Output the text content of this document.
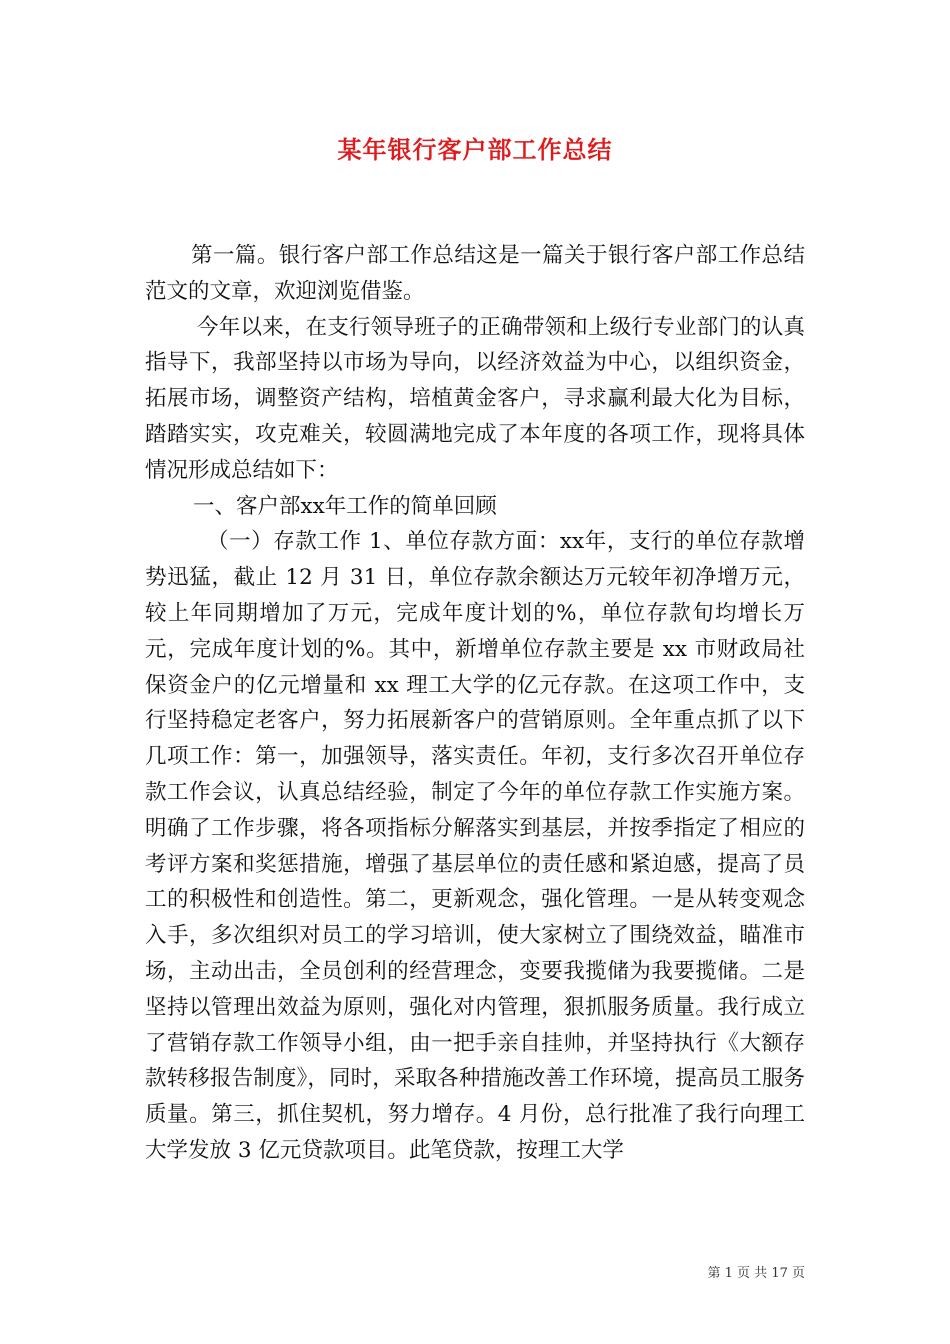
某年银行客户部工作总结

第一篇。银行客户部工作总结这是一篇关于银行客户部工作总结范文的文章，欢迎浏览借鉴。

今年以来，在支行领导班子的正确带领和上级行专业部门的认真指导下，我部坚持以市场为导向，以经济效益为中心，以组织资金，拓展市场，调整资产结构，培植黄金客户，寻求赢利最大化为目标，踏踏实实，攻克难关，较圆满地完成了本年度的各项工作，现将具体情况形成总结如下：

一、客户部xx年工作的简单回顾

（一）存款工作 1、单位存款方面：xx年，支行的单位存款增势迅猛，截止 12 月 31 日，单位存款余额达万元较年初净增万元，较上年同期增加了万元，完成年度计划的%，单位存款旬均增长万元，完成年度计划的%。其中，新增单位存款主要是 xx 市财政局社保资金户的亿元增量和 xx 理工大学的亿元存款。在这项工作中，支行坚持稳定老客户，努力拓展新客户的营销原则。全年重点抓了以下几项工作：第一，加强领导，落实责任。年初，支行多次召开单位存款工作会议，认真总结经验，制定了今年的单位存款工作实施方案。明确了工作步骤，将各项指标分解落实到基层，并按季指定了相应的考评方案和奖惩措施，增强了基层单位的责任感和紧迫感，提高了员工的积极性和创造性。第二，更新观念，强化管理。一是从转变观念入手，多次组织对员工的学习培训，使大家树立了围绕效益，瞄准市场，主动出击，全员创利的经营理念，变要我揽储为我要揽储。二是坚持以管理出效益为原则，强化对内管理，狠抓服务质量。我行成立了营销存款工作领导小组，由一把手亲自挂帅，并坚持执行《大额存款转移报告制度》，同时，采取各种措施改善工作环境，提高员工服务质量。第三，抓住契机，努力增存。4 月份，总行批准了我行向理工大学发放 3 亿元贷款项目。此笔贷款，按理工大学

第 1 页 共 17 页
